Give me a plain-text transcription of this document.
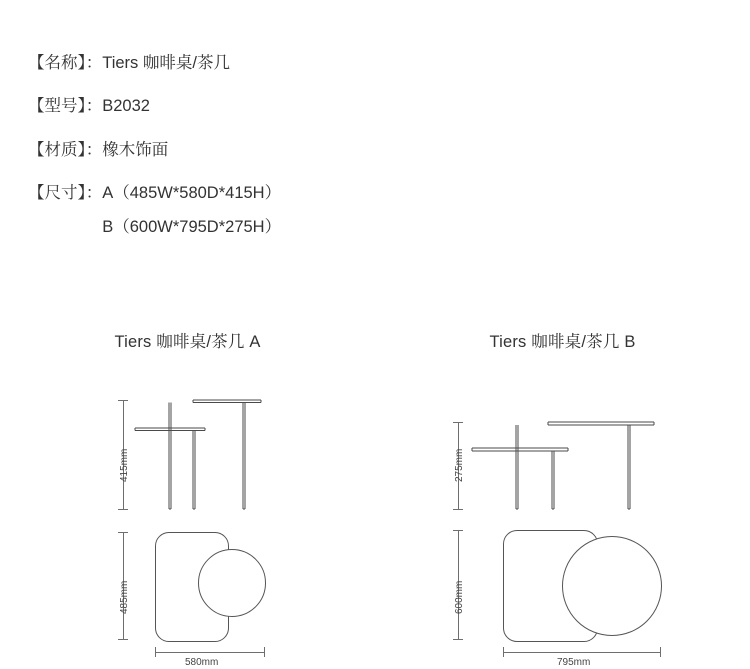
【名称】： Tiers 咖啡桌/茶几
【型号】： B2032
【材质】： 橡木饰面
【尺寸】： A（485W*580D*415H）
B（600W*795D*275H）
Tiers 咖啡桌/茶几 A
415mm
485mm
580mm
Tiers 咖啡桌/茶几 B
275mm
600mm
795mm
